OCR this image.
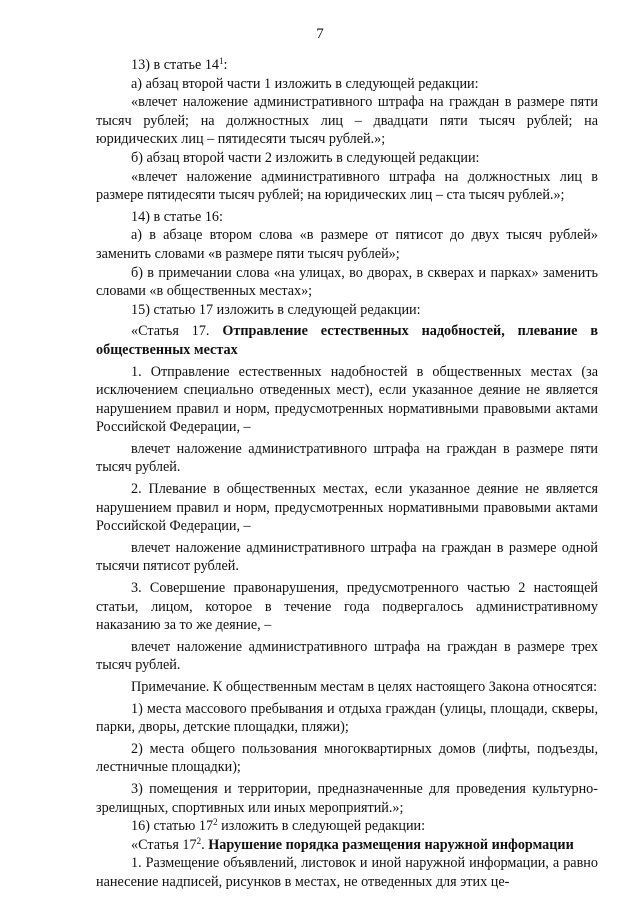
7

13) в статье $14^1$:

а) абзац второй части 1 изложить в следующей редакции:

«влечет наложение административного штрафа на граждан в размере пяти тысяч рублей; на должностных лиц – двадцати пяти тысяч рублей; на юридических лиц – пятидесяти тысяч рублей.»;

б) абзац второй части 2 изложить в следующей редакции:

«влечет наложение административного штрафа на должностных лиц в размере пятидесяти тысяч рублей; на юридических лиц – ста тысяч рублей.»;

14) в статье 16:

а) в абзаце втором слова «в размере от пятисот до двух тысяч рублей» заменить словами «в размере пяти тысяч рублей»;

б) в примечании слова «на улицах, во дворах, в скверах и парках» заменить словами «в общественных местах»;

15) статью 17 изложить в следующей редакции:

«Статья 17. Отправление естественных надобностей, плевание в общественных местах

1. Отправление естественных надобностей в общественных местах (за исключением специально отведенных мест), если указанное деяние не является нарушением правил и норм, предусмотренных нормативными правовыми актами Российской Федерации, –

влечет наложение административного штрафа на граждан в размере пяти тысяч рублей.

2. Плевание в общественных местах, если указанное деяние не является нарушением правил и норм, предусмотренных нормативными правовыми актами Российской Федерации, –

влечет наложение административного штрафа на граждан в размере одной тысячи пятисот рублей.

3. Совершение правонарушения, предусмотренного частью 2 настоящей статьи, лицом, которое в течение года подвергалось административному наказанию за то же деяние, –

влечет наложение административного штрафа на граждан в размере трех тысяч рублей.

Примечание. К общественным местам в целях настоящего Закона относятся:

1) места массового пребывания и отдыха граждан (улицы, площади, скверы, парки, дворы, детские площадки, пляжи);

2) места общего пользования многоквартирных домов (лифты, подъезды, лестничные площадки);

3) помещения и территории, предназначенные для проведения культурно-зрелищных, спортивных или иных мероприятий.»;

16) статью $17^2$ изложить в следующей редакции:

«Статья $17^2$. Нарушение порядка размещения наружной информации

1. Размещение объявлений, листовок и иной наружной информации, а равно нанесение надписей, рисунков в местах, не отведенных для этих це-
